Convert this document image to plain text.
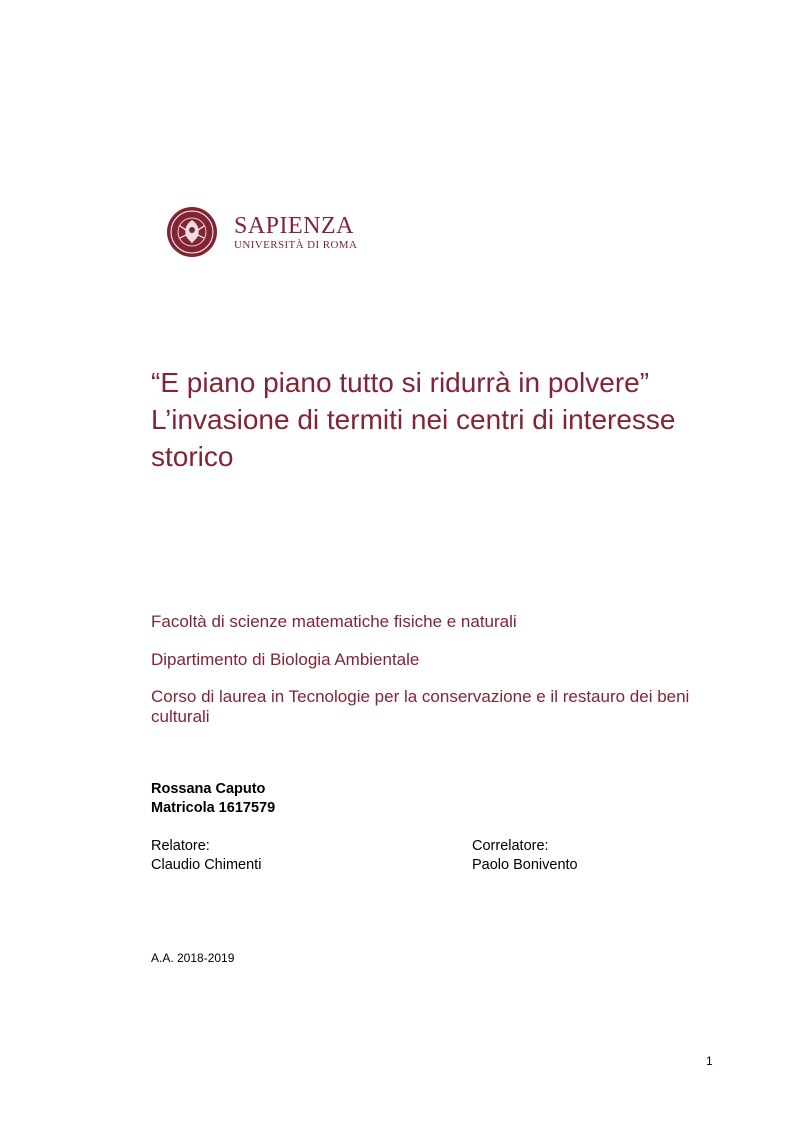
SAPIENZA
UNIVERSITÀ DI ROMA
“E piano piano tutto si ridurrà in polvere”
L’invasione di termiti nei centri di interesse
storico

Facoltà di scienze matematiche fisiche e naturali

Dipartimento di Biologia Ambientale

Corso di laurea in Tecnologie per la conservazione e il restauro dei beni culturali

Rossana Caputo
Matricola 1617579
Relatore:
Claudio Chimenti
Correlatore:
Paolo Bonivento
A.A. 2018-2019
1
